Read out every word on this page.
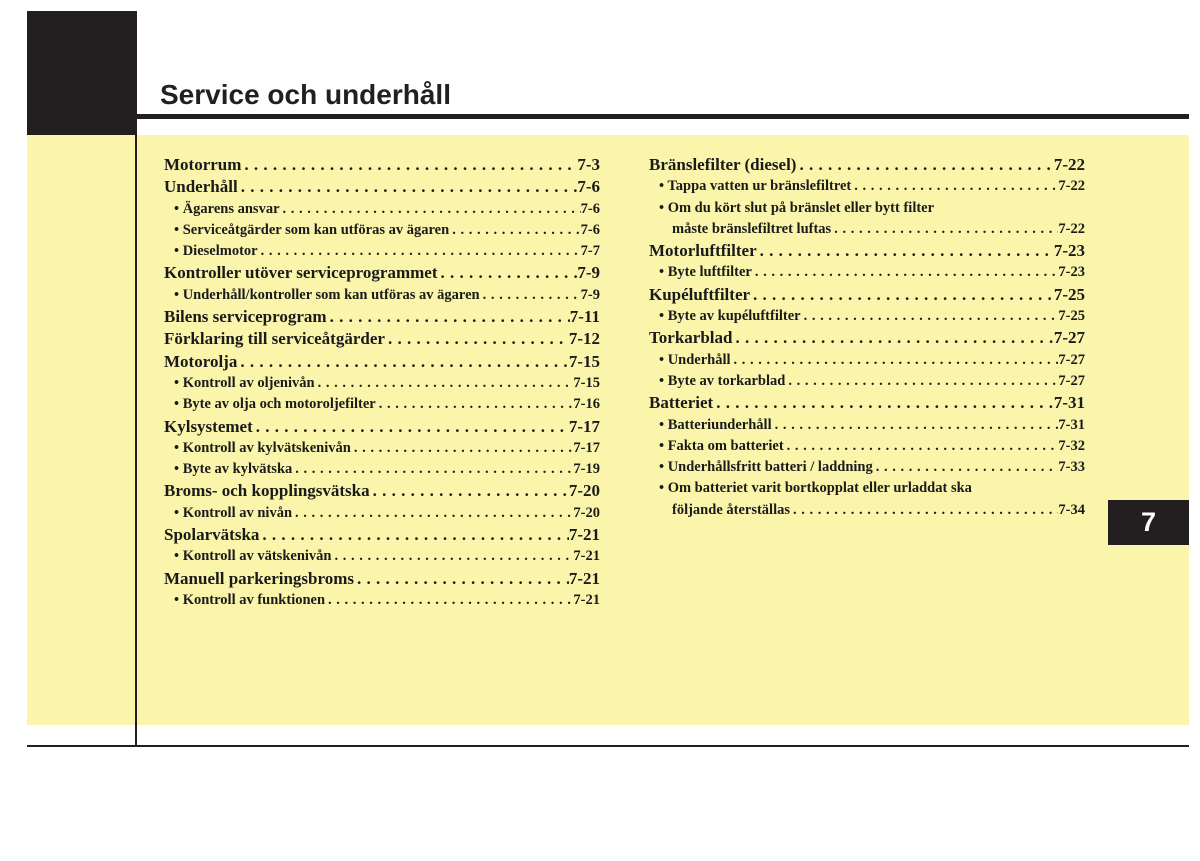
Service och underhåll
7
Motorrum . . .	7-3
Underhåll . . .	7-6
• Ägarens ansvar . . .	7-6
• Serviceåtgärder som kan utföras av ägaren . . .	7-6
• Dieselmotor . . .	7-7
Kontroller utöver serviceprogrammet . . .	7-9
• Underhåll/kontroller som kan utföras av ägaren . . .	7-9
Bilens serviceprogram . . .	7-11
Förklaring till serviceåtgärder . . .	7-12
Motorolja . . .	7-15
• Kontroll av oljenivån . . .	7-15
• Byte av olja och motoroljefilter . . .	7-16
Kylsystemet . . .	7-17
• Kontroll av kylvätskenivån . . .	7-17
• Byte av kylvätska . . .	7-19
Broms- och kopplingsvätska . . .	7-20
• Kontroll av nivån . . .	7-20
Spolarvätska . . .	7-21
• Kontroll av vätskenivån . . .	7-21
Manuell parkeringsbroms . . .	7-21
• Kontroll av funktionen . . .	7-21
Bränslefilter (diesel) . . .	7-22
• Tappa vatten ur bränslefiltret . . .	7-22
• Om du kört slut på bränslet eller bytt filter
måste bränslefiltret luftas . . .	7-22
Motorluftfilter . . .	7-23
• Byte luftfilter . . .	7-23
Kupéluftfilter . . .	7-25
• Byte av kupéluftfilter . . .	7-25
Torkarblad . . .	7-27
• Underhåll . . .	7-27
• Byte av torkarblad . . .	7-27
Batteriet . . .	7-31
• Batteriunderhåll . . .	7-31
• Fakta om batteriet . . .	7-32
• Underhållsfritt batteri / laddning . . .	7-33
• Om batteriet varit bortkopplat eller urladdat ska
följande återställas . . .	7-34
